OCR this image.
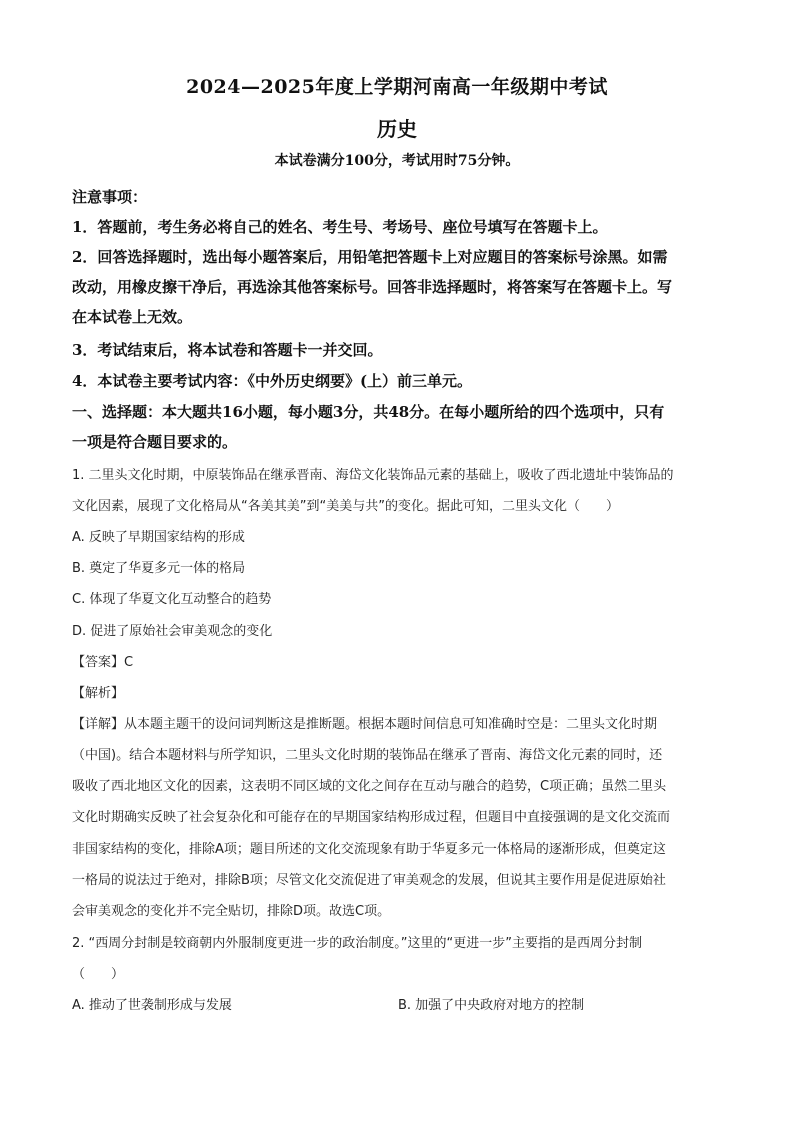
2024—2025年度上学期河南高一年级期中考试
历史
本试卷满分100分，考试用时75分钟。
注意事项：
1．答题前，考生务必将自己的姓名、考生号、考场号、座位号填写在答题卡上。
2．回答选择题时，选出每小题答案后，用铅笔把答题卡上对应题目的答案标号涂黑。如需
改动，用橡皮擦干净后，再选涂其他答案标号。回答非选择题时，将答案写在答题卡上。写
在本试卷上无效。
3．考试结束后，将本试卷和答题卡一并交回。
4．本试卷主要考试内容：《中外历史纲要》(上）前三单元。
一、选择题：本大题共16小题，每小题3分，共48分。在每小题所给的四个选项中，只有
一项是符合题目要求的。
1. 二里头文化时期，中原装饰品在继承晋南、海岱文化装饰品元素的基础上，吸收了西北遗址中装饰品的
文化因素，展现了文化格局从“各美其美”到“美美与共”的变化。据此可知，二里头文化（　　）
A. 反映了早期国家结构的形成
B. 奠定了华夏多元一体的格局
C. 体现了华夏文化互动整合的趋势
D. 促进了原始社会审美观念的变化
【答案】C
【解析】
【详解】从本题主题干的设问词判断这是推断题。根据本题时间信息可知准确时空是：二里头文化时期
（中国)。结合本题材料与所学知识，二里头文化时期的装饰品在继承了晋南、海岱文化元素的同时，还
吸收了西北地区文化的因素，这表明不同区域的文化之间存在互动与融合的趋势，C项正确；虽然二里头
文化时期确实反映了社会复杂化和可能存在的早期国家结构形成过程，但题目中直接强调的是文化交流而
非国家结构的变化，排除A项；题目所述的文化交流现象有助于华夏多元一体格局的逐渐形成，但奠定这
一格局的说法过于绝对，排除B项；尽管文化交流促进了审美观念的发展，但说其主要作用是促进原始社
会审美观念的变化并不完全贴切，排除D项。故选C项。
2. “西周分封制是较商朝内外服制度更进一步的政治制度。”这里的“更进一步”主要指的是西周分封制
（　　）
A. 推动了世袭制形成与发展	B. 加强了中央政府对地方的控制
